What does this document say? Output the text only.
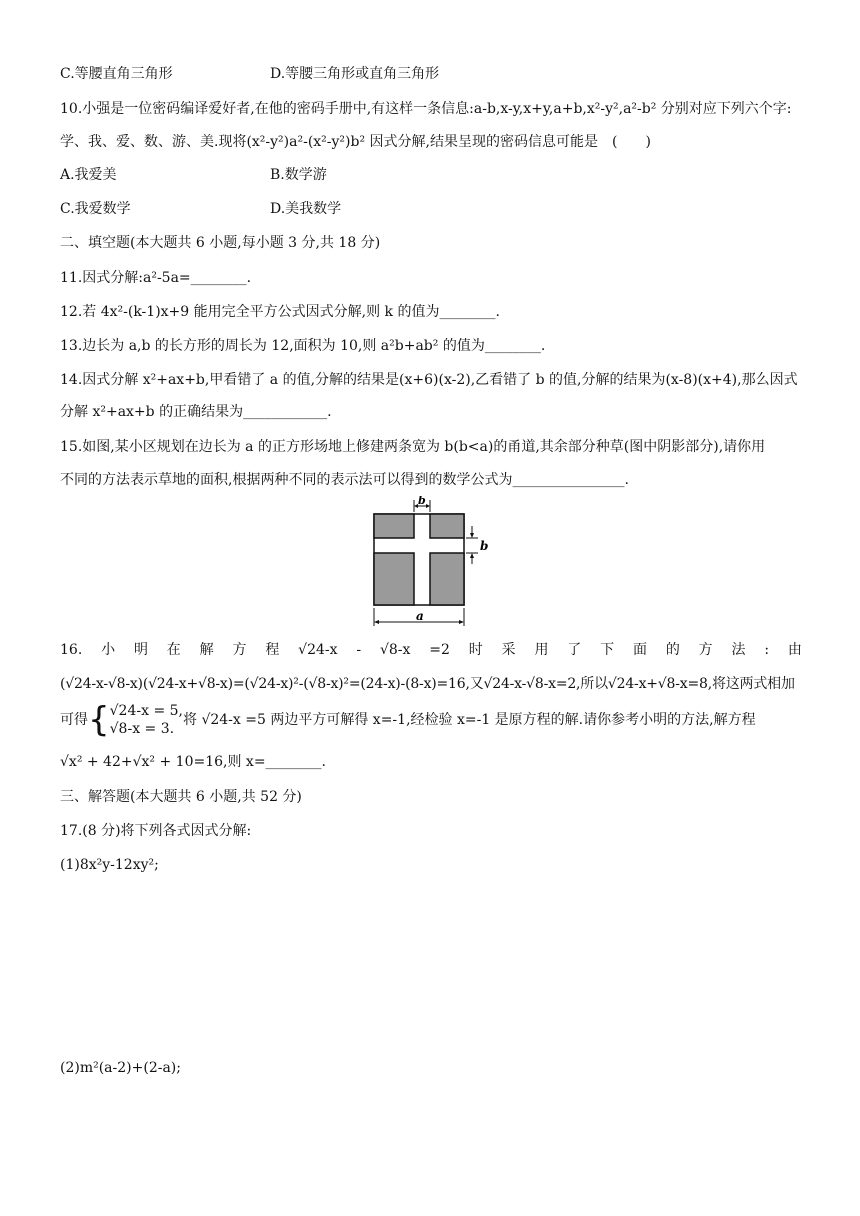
C.等腰直角三角形	D.等腰三角形或直角三角形
10.小强是一位密码编译爱好者,在他的密码手册中,有这样一条信息:a-b,x-y,x+y,a+b,x²-y²,a²-b² 分别对应下列六个字:
学、我、爱、数、游、美.现将(x²-y²)a²-(x²-y²)b² 因式分解,结果呈现的密码信息可能是　(　　)
A.我爱美	B.数学游
C.我爱数学	D.美我数学
二、填空题(本大题共 6 小题,每小题 3 分,共 18 分)
11.因式分解:a²-5a=________.
12.若 4x²-(k-1)x+9 能用完全平方公式因式分解,则 k 的值为________.
13.边长为 a,b 的长方形的周长为 12,面积为 10,则 a²b+ab² 的值为________.
14.因式分解 x²+ax+b,甲看错了 a 的值,分解的结果是(x+6)(x-2),乙看错了 b 的值,分解的结果为(x-8)(x+4),那么因式
分解 x²+ax+b 的正确结果为____________.
15.如图,某小区规划在边长为 a 的正方形场地上修建两条宽为 b(b<a)的甬道,其余部分种草(图中阴影部分),请你用
不同的方法表示草地的面积,根据两种不同的表示法可以得到的数学公式为________________.
b
b
a
16. 小 明 在 解 方 程 √24-x - √8-x =2 时 采 用 了 下 面 的 方 法 : 由
(√24-x-√8-x)(√24-x+√8-x)=(√24-x)²-(√8-x)²=(24-x)-(8-x)=16,又√24-x-√8-x=2,所以√24-x+√8-x=8,将这两式相加
可得{√24-x = 5,
√8-x = 3.将 √24-x =5 两边平方可解得 x=-1,经检验 x=-1 是原方程的解.请你参考小明的方法,解方程
√x² + 42+√x² + 10=16,则 x=________.
三、解答题(本大题共 6 小题,共 52 分)
17.(8 分)将下列各式因式分解:
(1)8x²y-12xy²;
(2)m²(a-2)+(2-a);
